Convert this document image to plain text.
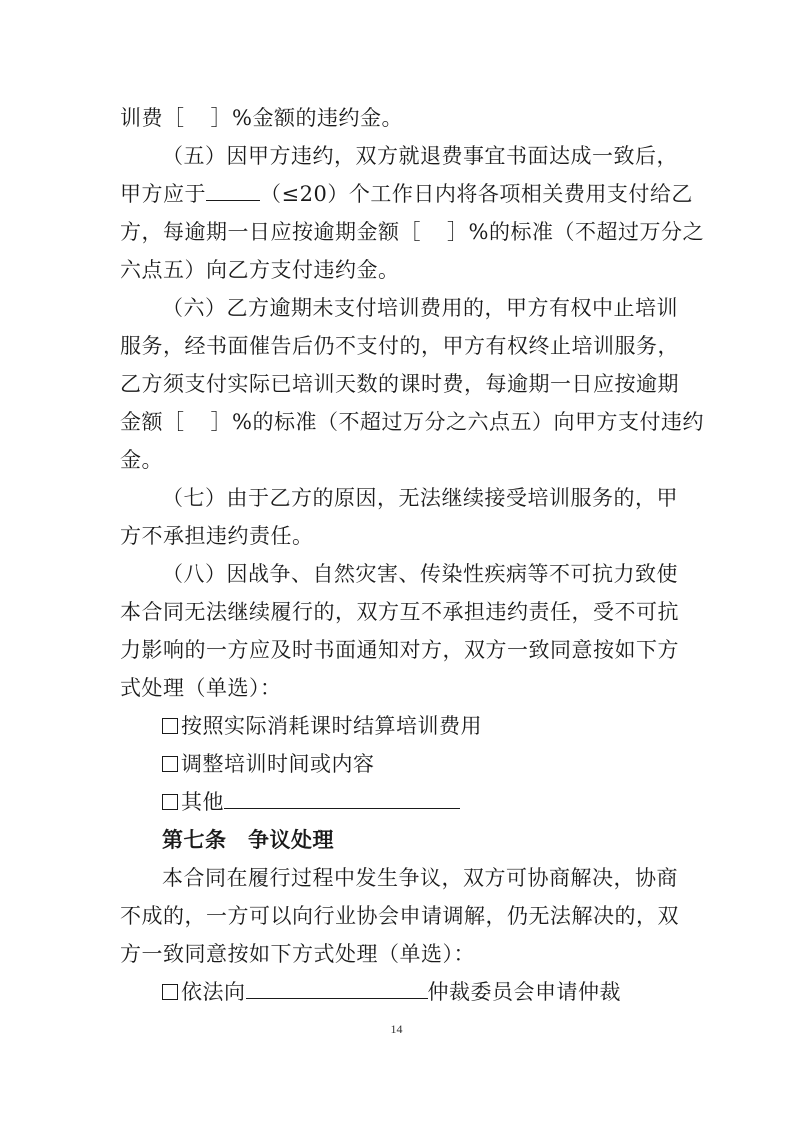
训费［ ］%金额的违约金。
（五）因甲方违约，双方就退费事宜书面达成一致后，
甲方应于	（≤20）个工作日内将各项相关费用支付给乙
方，每逾期一日应按逾期金额［ ］%的标准（不超过万分之
六点五）向乙方支付违约金。
（六）乙方逾期未支付培训费用的，甲方有权中止培训
服务，经书面催告后仍不支付的，甲方有权终止培训服务，
乙方须支付实际已培训天数的课时费，每逾期一日应按逾期
金额［ ］%的标准（不超过万分之六点五）向甲方支付违约
金。
（七）由于乙方的原因，无法继续接受培训服务的，甲
方不承担违约责任。
（八）因战争、自然灾害、传染性疾病等不可抗力致使
本合同无法继续履行的，双方互不承担违约责任，受不可抗
力影响的一方应及时书面通知对方，双方一致同意按如下方
式处理（单选）：
按照实际消耗课时结算培训费用
调整培训时间或内容
其他
第七条　争议处理
本合同在履行过程中发生争议，双方可协商解决，协商
不成的，一方可以向行业协会申请调解，仍无法解决的，双
方一致同意按如下方式处理（单选）：
依法向	仲裁委员会申请仲裁
14
